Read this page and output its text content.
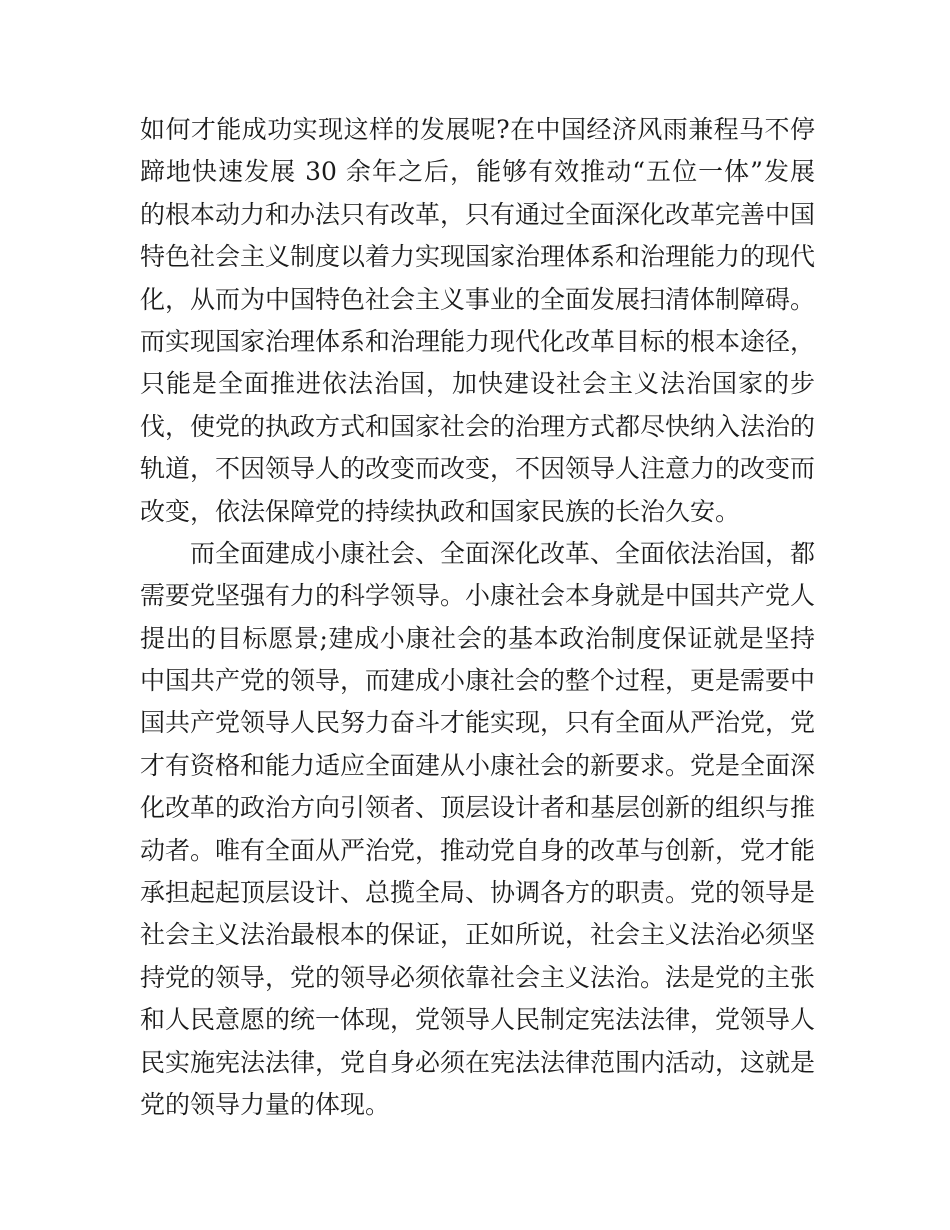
如何才能成功实现这样的发展呢?在中国经济风雨兼程马不停
蹄地快速发展 30 余年之后，能够有效推动“五位一体”发展
的根本动力和办法只有改革，只有通过全面深化改革完善中国
特色社会主义制度以着力实现国家治理体系和治理能力的现代
化，从而为中国特色社会主义事业的全面发展扫清体制障碍。
而实现国家治理体系和治理能力现代化改革目标的根本途径，
只能是全面推进依法治国，加快建设社会主义法治国家的步
伐，使党的执政方式和国家社会的治理方式都尽快纳入法治的
轨道，不因领导人的改变而改变，不因领导人注意力的改变而
改变，依法保障党的持续执政和国家民族的长治久安。
而全面建成小康社会、全面深化改革、全面依法治国，都
需要党坚强有力的科学领导。小康社会本身就是中国共产党人
提出的目标愿景;建成小康社会的基本政治制度保证就是坚持
中国共产党的领导，而建成小康社会的整个过程，更是需要中
国共产党领导人民努力奋斗才能实现，只有全面从严治党，党
才有资格和能力适应全面建从小康社会的新要求。党是全面深
化改革的政治方向引领者、顶层设计者和基层创新的组织与推
动者。唯有全面从严治党，推动党自身的改革与创新，党才能
承担起起顶层设计、总揽全局、协调各方的职责。党的领导是
社会主义法治最根本的保证，正如所说，社会主义法治必须坚
持党的领导，党的领导必须依靠社会主义法治。法是党的主张
和人民意愿的统一体现，党领导人民制定宪法法律，党领导人
民实施宪法法律，党自身必须在宪法法律范围内活动，这就是
党的领导力量的体现。
